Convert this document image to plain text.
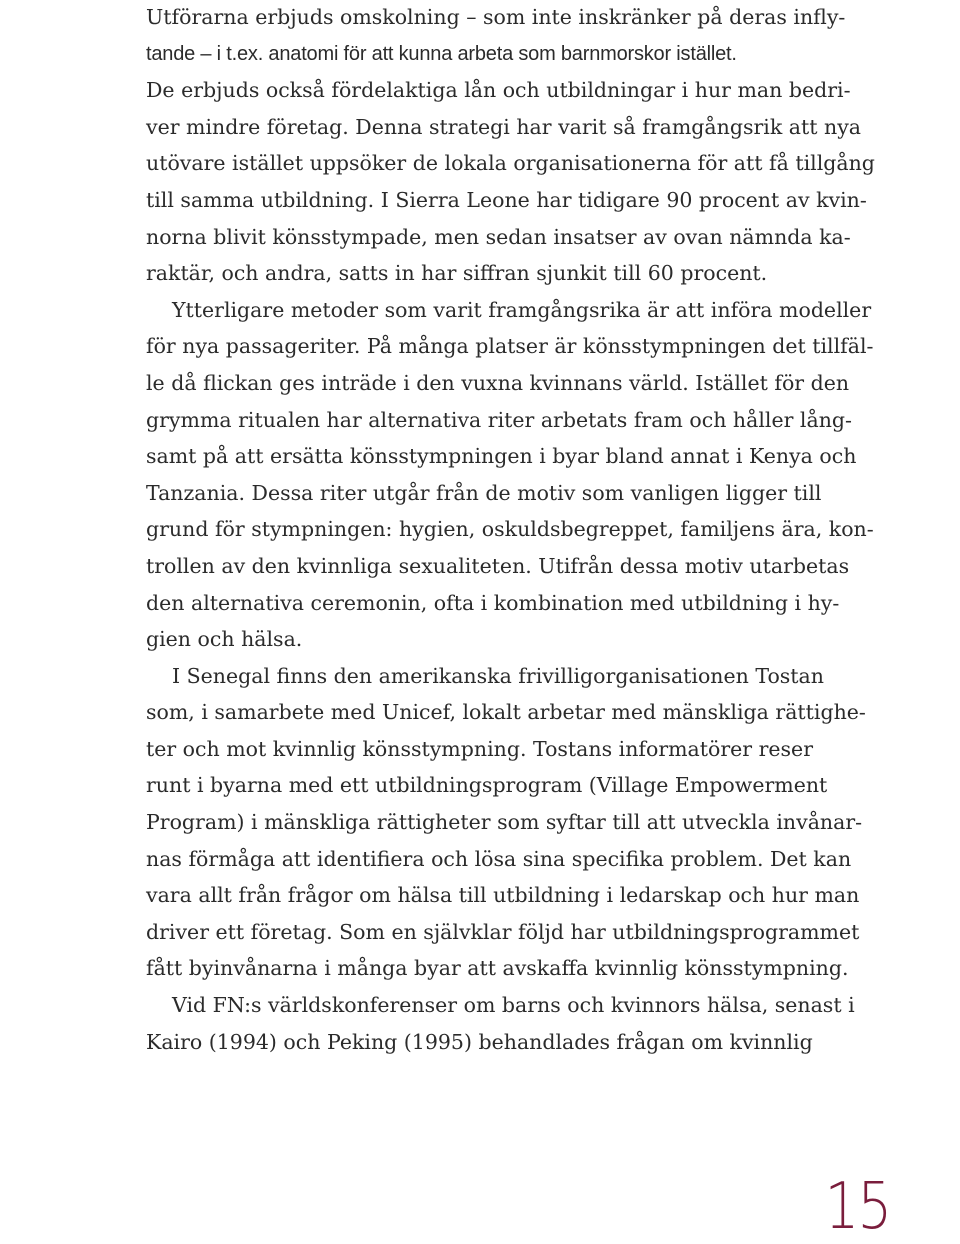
Utförarna erbjuds omskolning – som inte inskränker på deras infly-
tande – i t.ex. anatomi för att kunna arbeta som barnmorskor istället.
De erbjuds också fördelaktiga lån och utbildningar i hur man bedri-
ver mindre företag. Denna strategi har varit så framgångsrik att nya
utövare istället uppsöker de lokala organisationerna för att få tillgång
till samma utbildning. I Sierra Leone har tidigare 90 procent av kvin-
norna blivit könsstympade, men sedan insatser av ovan nämnda ka-
raktär, och andra, satts in har siffran sjunkit till 60 procent.
Ytterligare metoder som varit framgångsrika är att införa modeller
för nya passageriter. På många platser är könsstympningen det tillfäl-
le då flickan ges inträde i den vuxna kvinnans värld. Istället för den
grymma ritualen har alternativa riter arbetats fram och håller lång-
samt på att ersätta könsstympningen i byar bland annat i Kenya och
Tanzania. Dessa riter utgår från de motiv som vanligen ligger till
grund för stympningen: hygien, oskuldsbegreppet, familjens ära, kon-
trollen av den kvinnliga sexualiteten. Utifrån dessa motiv utarbetas
den alternativa ceremonin, ofta i kombination med utbildning i hy-
gien och hälsa.
I Senegal finns den amerikanska frivilligorganisationen Tostan
som, i samarbete med Unicef, lokalt arbetar med mänskliga rättighe-
ter och mot kvinnlig könsstympning. Tostans informatörer reser
runt i byarna med ett utbildningsprogram (Village Empowerment
Program) i mänskliga rättigheter som syftar till att utveckla invånar-
nas förmåga att identifiera och lösa sina specifika problem. Det kan
vara allt från frågor om hälsa till utbildning i ledarskap och hur man
driver ett företag. Som en självklar följd har utbildningsprogrammet
fått byinvånarna i många byar att avskaffa kvinnlig könsstympning.
Vid FN:s världskonferenser om barns och kvinnors hälsa, senast i
Kairo (1994) och Peking (1995) behandlades frågan om kvinnlig
15
